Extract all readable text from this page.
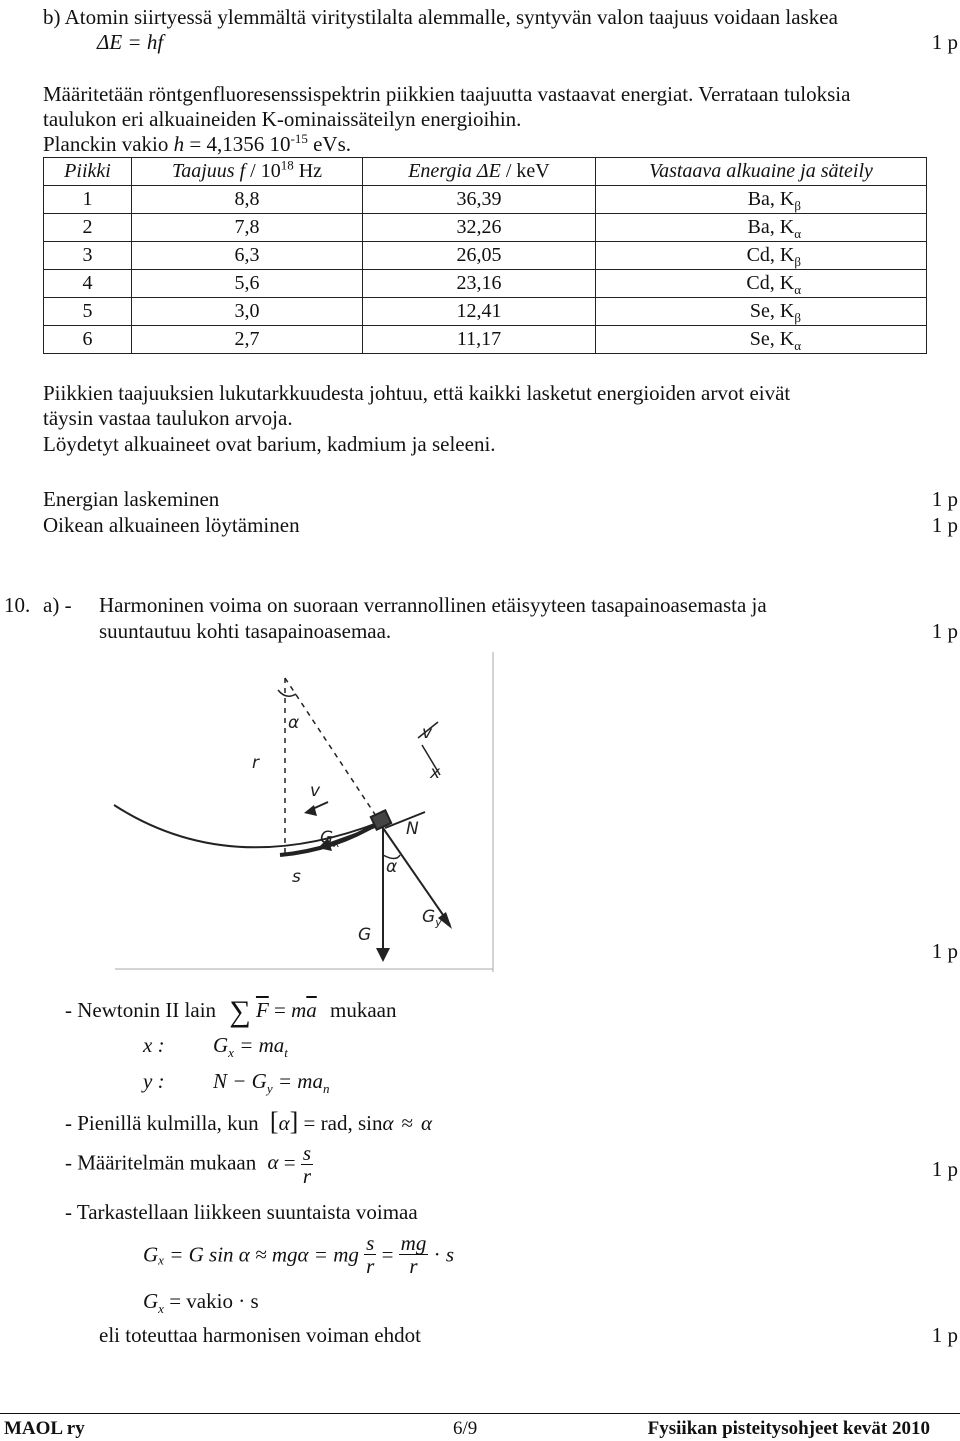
b) Atomin siirtyessä ylemmältä viritystilalta alemmalle, syntyvän valon taajuus voidaan laskea
ΔE = hf	1 p
Määritetään röntgenfluoresenssispektrin piikkien taajuutta vastaavat energiat. Verrataan tuloksia
taulukon eri alkuaineiden K-ominaissäteilyn energioihin.
Planckin vakio h = 4,1356 $10^{-15}$ eVs.
Piikki	Taajuus f / $10^{18}$ Hz	Energia ΔE / keV	Vastaava alkuaine ja säteily
1	8,8	36,39	Ba, $K_\beta$
2	7,8	32,26	Ba, $K_\alpha$
3	6,3	26,05	Cd, $K_\beta$
4	5,6	23,16	Cd, $K_\alpha$
5	3,0	12,41	Se, $K_\beta$
6	2,7	11,17	Se, $K_\alpha$
Piikkien taajuuksien lukutarkkuudesta johtuu, että kaikki lasketut energioiden arvot eivät
täysin vastaa taulukon arvoja.
Löydetyt alkuaineet ovat barium, kadmium ja seleeni.
Energian laskeminen	1 p
Oikean alkuaineen löytäminen	1 p
10. a) - Harmoninen voima on suoraan verrannollinen etäisyyteen tasapainoasemasta ja
suuntautuu kohti tasapainoasemaa.	1 p
α
r
v
v
x
$G_x$
N
α
s
G
$G_y$
1 p
- Newtonin II lain ∑ $\overline{F} = m\overline{a}$ mukaan
x : $G_x = ma_t$
y : $N - G_y = ma_n$
- Pienillä kulmilla, kun [α] = rad, sinα ≈ α
- Määritelmän mukaan $\alpha = \frac{s}{r}$	1 p
- Tarkastellaan liikkeen suuntaista voimaa
$G_x = G$ sin α ≈ mgα = mg $\frac{s}{r} = \frac{mg}{r} \cdot s$
$G_x$ = vakio · s
eli toteuttaa harmonisen voiman ehdot	1 p
MAOL ry	6/9	Fysiikan pisteitysohjeet kevät 2010
